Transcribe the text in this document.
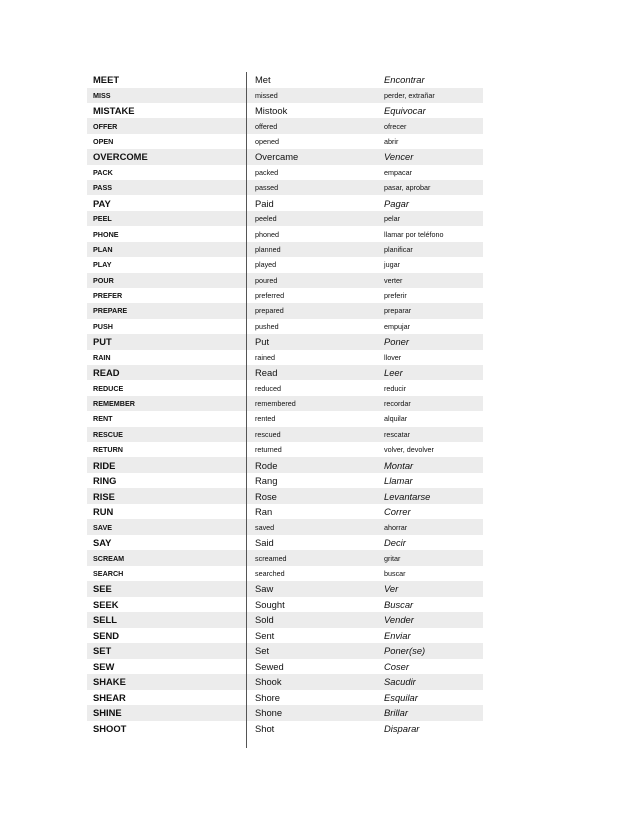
MEET	Met	Encontrar
MISS	missed	perder, extrañar
MISTAKE	Mistook	Equivocar
OFFER	offered	ofrecer
OPEN	opened	abrir
OVERCOME	Overcame	Vencer
PACK	packed	empacar
PASS	passed	pasar, aprobar
PAY	Paid	Pagar
PEEL	peeled	pelar
PHONE	phoned	llamar por teléfono
PLAN	planned	planificar
PLAY	played	jugar
POUR	poured	verter
PREFER	preferred	preferir
PREPARE	prepared	preparar
PUSH	pushed	empujar
PUT	Put	Poner
RAIN	rained	llover
READ	Read	Leer
REDUCE	reduced	reducir
REMEMBER	remembered	recordar
RENT	rented	alquilar
RESCUE	rescued	rescatar
RETURN	returned	volver, devolver
RIDE	Rode	Montar
RING	Rang	Llamar
RISE	Rose	Levantarse
RUN	Ran	Correr
SAVE	saved	ahorrar
SAY	Said	Decir
SCREAM	screamed	gritar
SEARCH	searched	buscar
SEE	Saw	Ver
SEEK	Sought	Buscar
SELL	Sold	Vender
SEND	Sent	Enviar
SET	Set	Poner(se)
SEW	Sewed	Coser
SHAKE	Shook	Sacudir
SHEAR	Shore	Esquilar
SHINE	Shone	Brillar
SHOOT	Shot	Disparar
